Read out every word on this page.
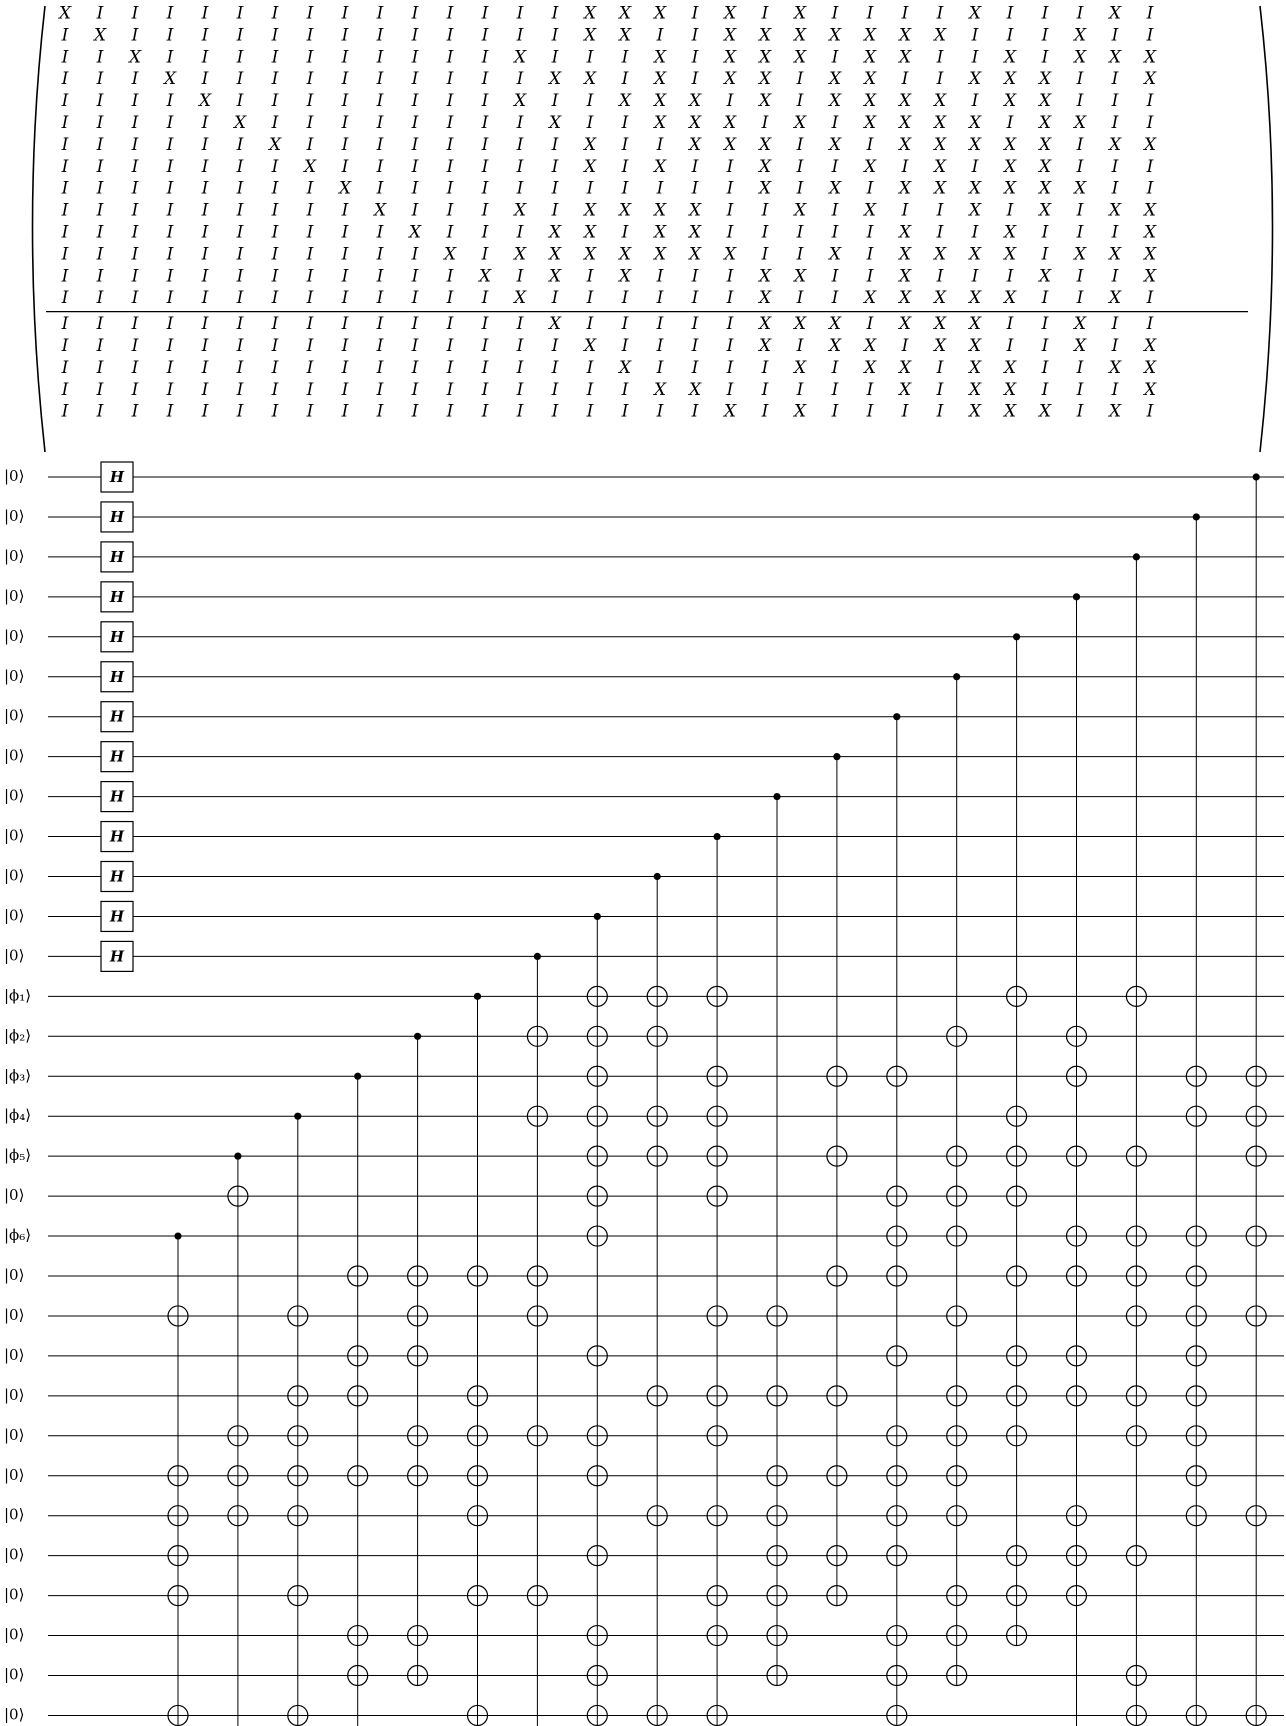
X I I I I I I I I I I I I I I X X X I X I X I I I I X I I I X I
I X I I I I I I I I I I I I I X X I I X X X X X X X I I I X I I
I I X I I I I I I I I I I X I I I X I X X X I X X I I X I X X X
I I I X I I I I I I I I I I X X I X I X X I X X I I X X X I I X
I I I I X I I I I I I I I X I I X X X I X I X X X X I X X I I I
I I I I I X I I I I I I I I X I I X X X I X I X X X X I X X I I
I I I I I I X I I I I I I I I X I I X X X I X I X X X X X I X X
I I I I I I I X I I I I I I I X I X I I X I I X I X I X X I I I
I I I I I I I I X I I I I I I I I I I I X I X I X X X X X X I I
I I I I I I I I I X I I I X I X X X X I I X I X I I X I X I X X
I I I I I I I I I I X I I I X X I X X I I I I I X I I X I I I X
I I I I I I I I I I I X I X X X X X X X I I X I X X X X I X X X
I I I I I I I I I I I I X I X I X I I I X X I I X I I I X I I X
I I I I I I I I I I I I I X I I I I I I X I I X X X X X I I X I
I I I I I I I I I I I I I I X I I I I I X X X I X X X I I X I I
I I I I I I I I I I I I I I I X I I I I X I X X I X X I I X I X
I I I I I I I I I I I I I I I I X I I I I X I X X I X X I I X X
I I I I I I I I I I I I I I I I I X X I I I I I X I X X I I I X
I I I I I I I I I I I I I I I I I I I X I X I I I I X X X I X I
|0⟩
|0⟩
|0⟩
|0⟩
|0⟩
|0⟩
|0⟩
|0⟩
|0⟩
|0⟩
|0⟩
|0⟩
|0⟩
|ϕ₁⟩
|ϕ₂⟩
|ϕ₃⟩
|ϕ₄⟩
|ϕ₅⟩
|0⟩
|ϕ₆⟩
|0⟩
|0⟩
|0⟩
|0⟩
|0⟩
|0⟩
|0⟩
|0⟩
|0⟩
|0⟩
|0⟩
|0⟩
H
H
H
H
H
H
H
H
H
H
H
H
H
